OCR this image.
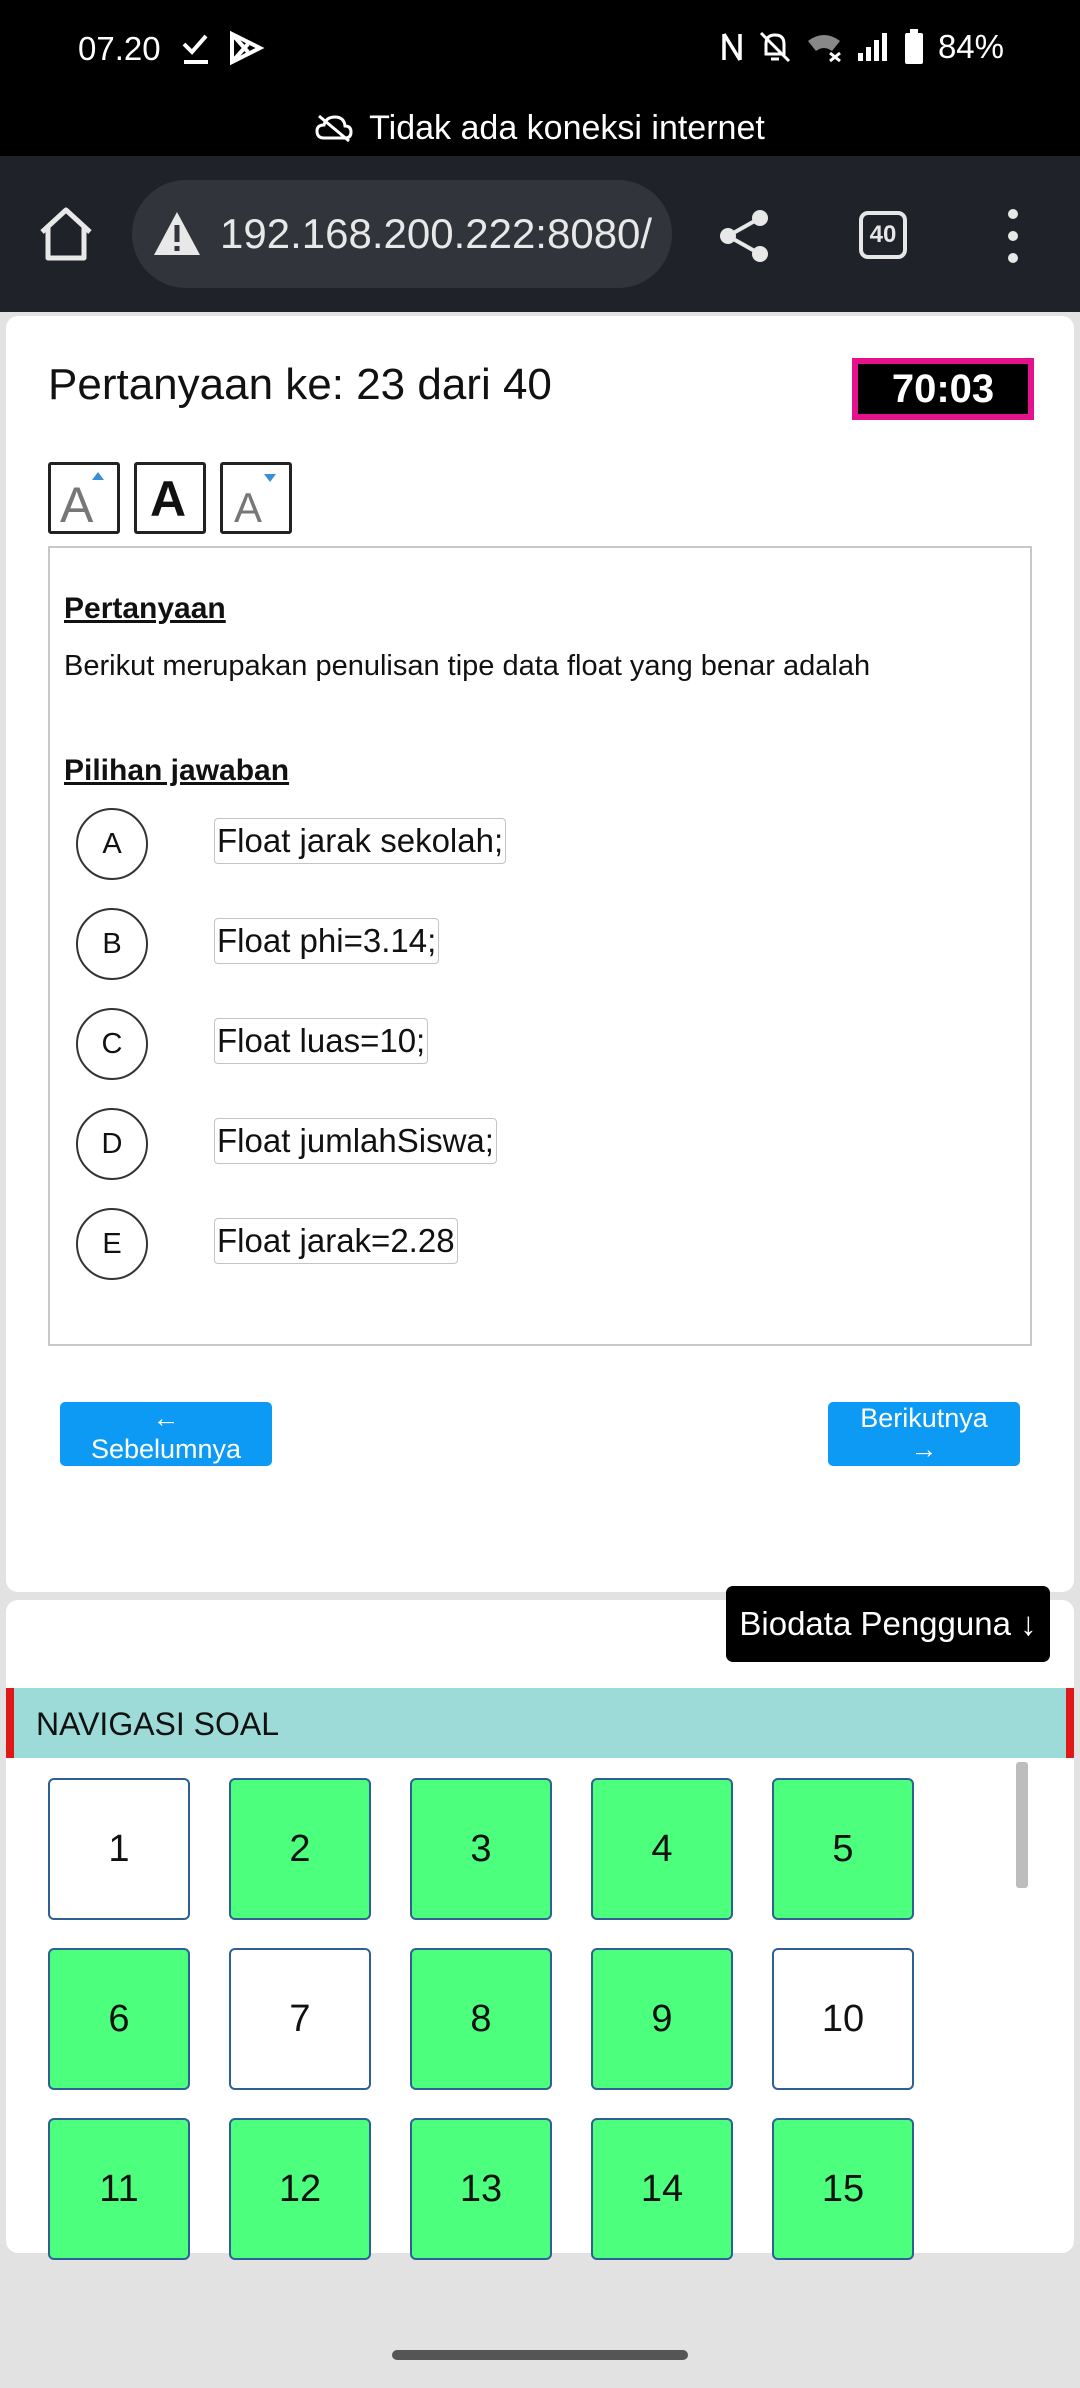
07.20	84%
Tidak ada koneksi internet
192.168.200.222:8080/	40
Pertanyaan ke: 23 dari 40	70:03
A A A
Pertanyaan
Berikut merupakan penulisan tipe data float yang benar adalah
Pilihan jawaban
A	Float jarak sekolah;
B	Float phi=3.14;
C	Float luas=10;
D	Float jumlahSiswa;
E	Float jarak=2.28
← Sebelumnya
Berikutnya →
Biodata Pengguna ↓
NAVIGASI SOAL
1	2	3	4	5
6	7	8	9	10
11	12	13	14	15
